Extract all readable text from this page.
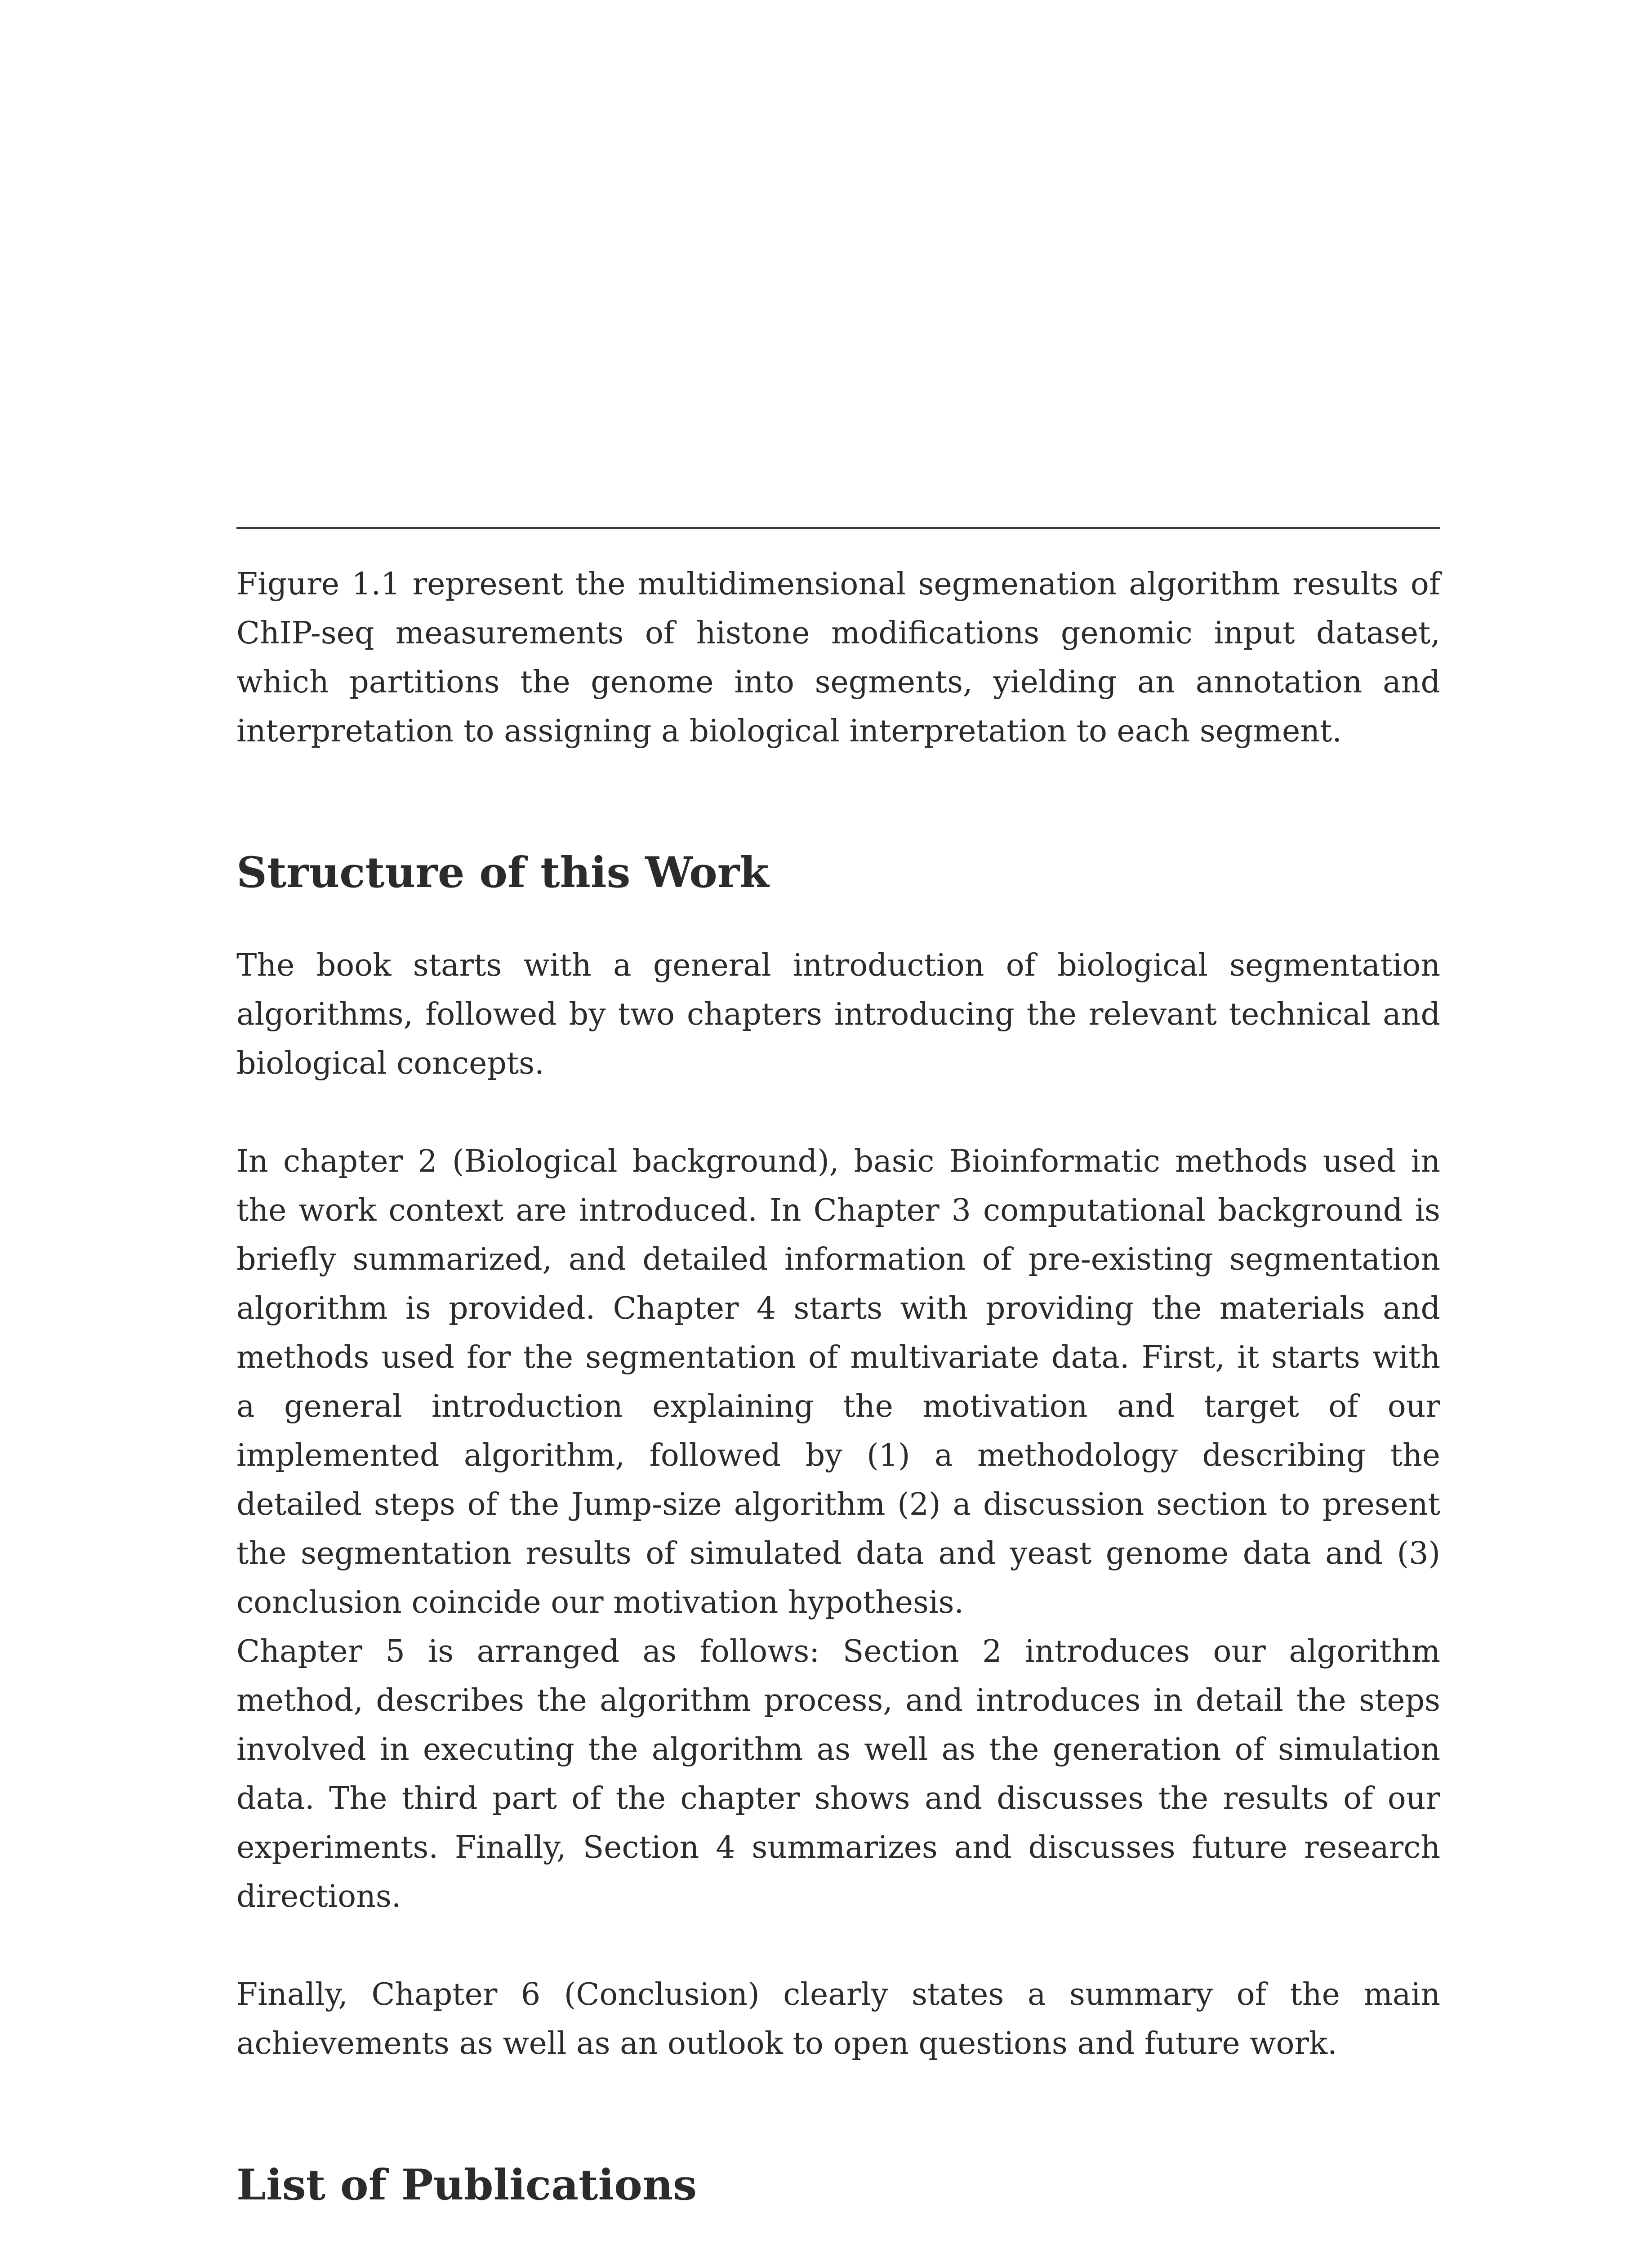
Figure 1.1 represent the multidimensional segmenation algorithm results of ChIP-seq measurements of histone modifications genomic input dataset, which partitions the genome into segments, yielding an annotation and interpretation to assigning a biological interpretation to each segment.

Structure of this Work

The book starts with a general introduction of biological segmentation algorithms, followed by two chapters introducing the relevant technical and biological concepts.

In chapter 2 (Biological background), basic Bioinformatic methods used in the work context are introduced. In Chapter 3 computational background is briefly summarized, and detailed information of pre-existing segmentation algorithm is provided. Chapter 4 starts with providing the materials and methods used for the segmentation of multivariate data. First, it starts with a general introduction explaining the motivation and target of our implemented algorithm, followed by (1) a methodology describing the detailed steps of the Jump-size algorithm (2) a discussion section to present the segmentation results of simulated data and yeast genome data and (3) conclusion coincide our motivation hypothesis.

Chapter 5 is arranged as follows: Section 2 introduces our algorithm method, describes the algorithm process, and introduces in detail the steps involved in executing the algorithm as well as the generation of simulation data. The third part of the chapter shows and discusses the results of our experiments. Finally, Section 4 summarizes and discusses future research directions.

Finally, Chapter 6 (Conclusion) clearly states a summary of the main achievements as well as an outlook to open questions and future work.

List of Publications
